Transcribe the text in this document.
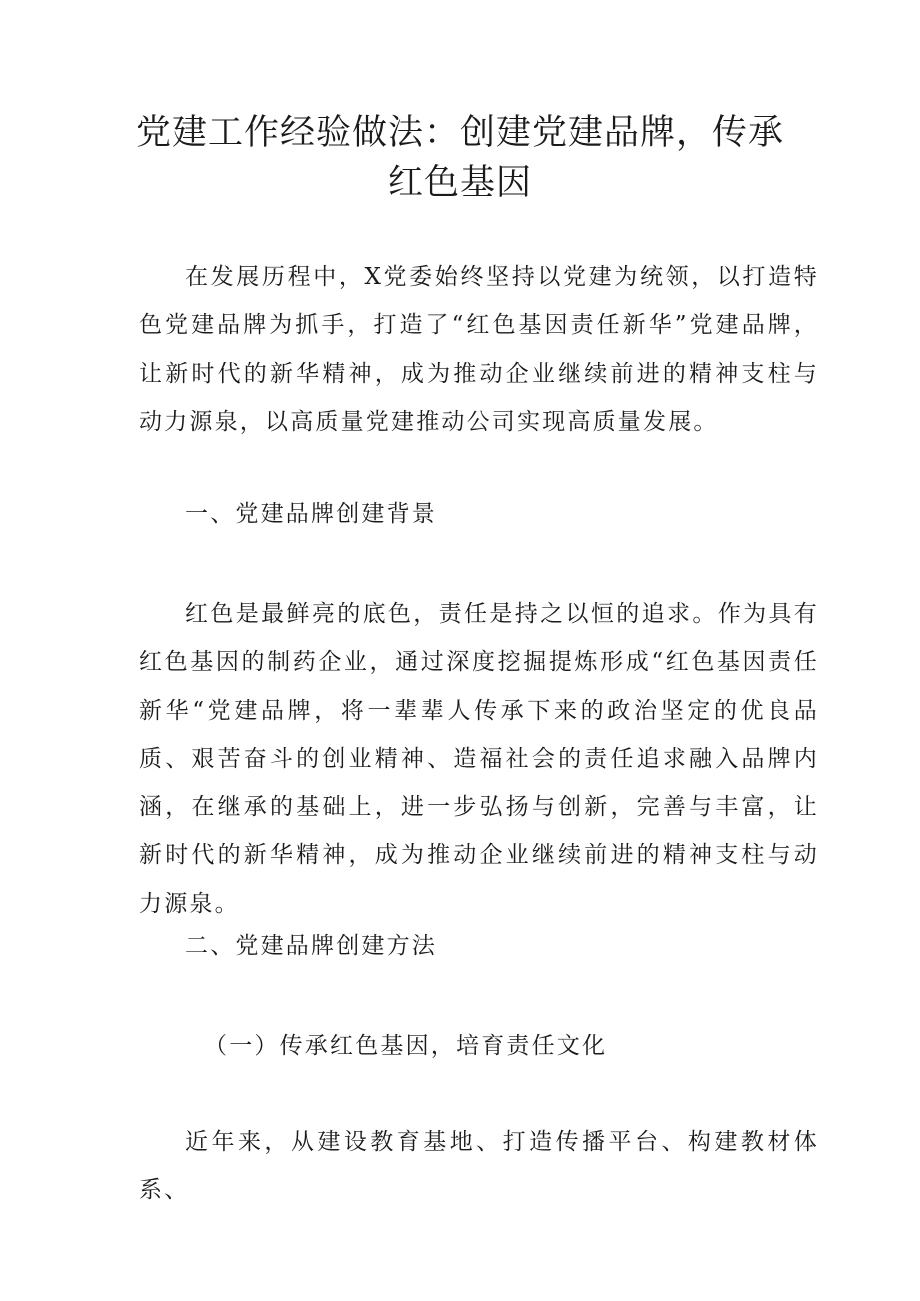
党建工作经验做法：创建党建品牌，传承红色基因

在发展历程中，X党委始终坚持以党建为统领，以打造特色党建品牌为抓手，打造了“红色基因责任新华”党建品牌，让新时代的新华精神，成为推动企业继续前进的精神支柱与动力源泉，以高质量党建推动公司实现高质量发展。

一、党建品牌创建背景

红色是最鲜亮的底色，责任是持之以恒的追求。作为具有红色基因的制药企业，通过深度挖掘提炼形成“红色基因责任新华“党建品牌，将一辈辈人传承下来的政治坚定的优良品质、艰苦奋斗的创业精神、造福社会的责任追求融入品牌内涵，在继承的基础上，进一步弘扬与创新，完善与丰富，让新时代的新华精神，成为推动企业继续前进的精神支柱与动力源泉。

二、党建品牌创建方法
（一）传承红色基因，培育责任文化

近年来，从建设教育基地、打造传播平台、构建教材体系、
